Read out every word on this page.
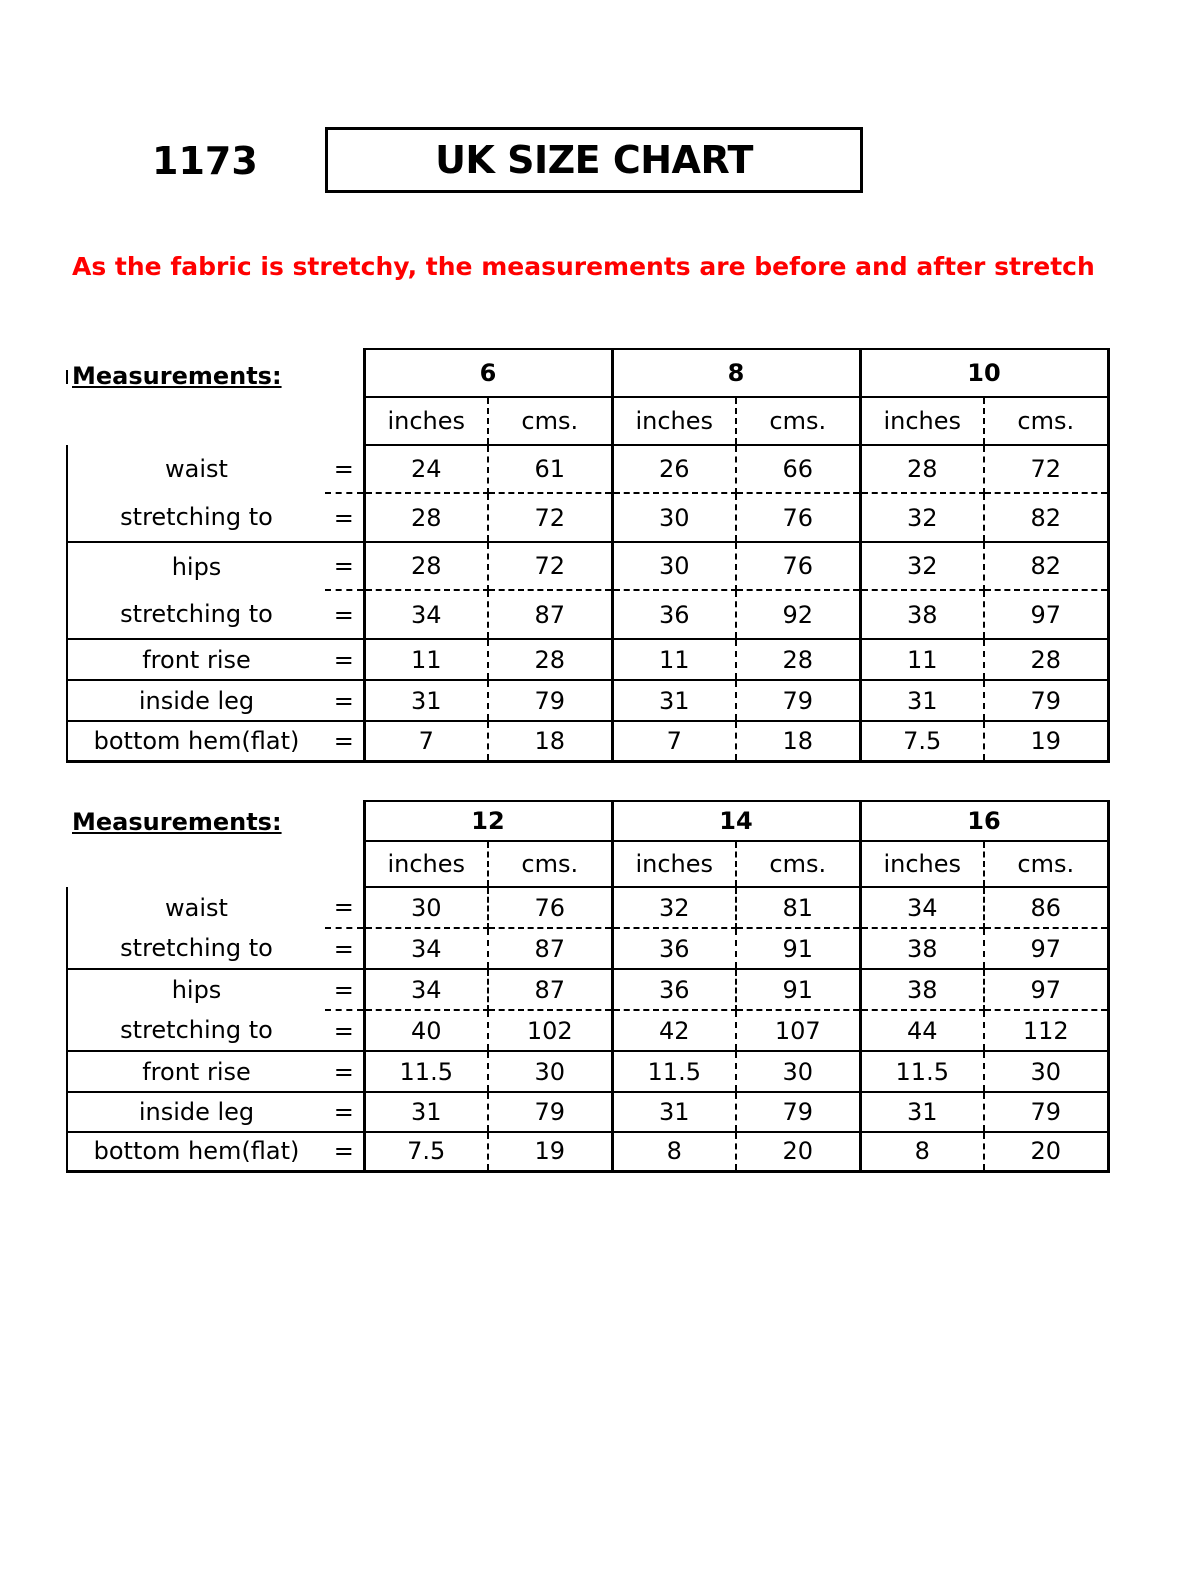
1173	UK SIZE CHART
As the fabric is stretchy, the measurements are before and after stretch
Measurements:
		6		8		10	
		inches	cms.	inches	cms.	inches	cms.
waist	=	24	61	26	66	28	72
stretching to	=	28	72	30	76	32	82
hips	=	28	72	30	76	32	82
stretching to	=	34	87	36	92	38	97
front rise	=	11	28	11	28	11	28
inside leg	=	31	79	31	79	31	79
bottom hem(flat)	=	7	18	7	18	7.5	19
Measurements:
		12		14		16	
		inches	cms.	inches	cms.	inches	cms.
waist	=	30	76	32	81	34	86
stretching to	=	34	87	36	91	38	97
hips	=	34	87	36	91	38	97
stretching to	=	40	102	42	107	44	112
front rise	=	11.5	30	11.5	30	11.5	30
inside leg	=	31	79	31	79	31	79
bottom hem(flat)	=	7.5	19	8	20	8	20
